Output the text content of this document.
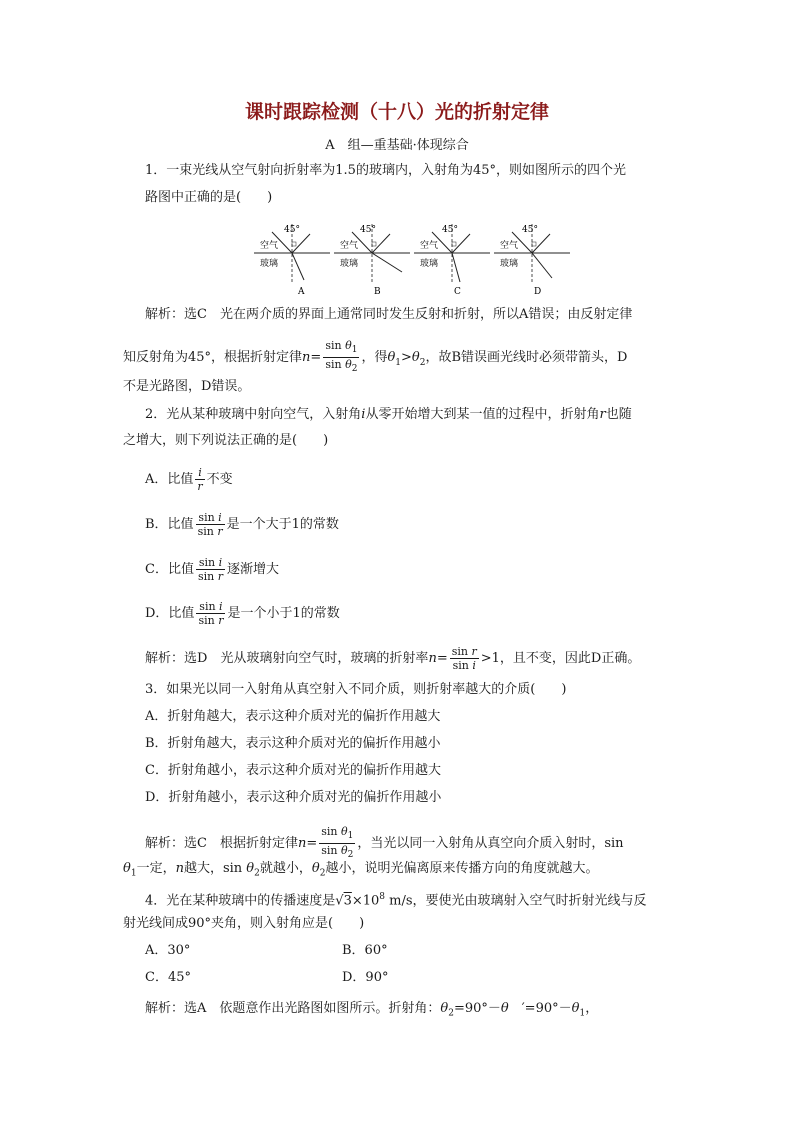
课时跟踪检测（十八）光的折射定律
A　组—重基础·体现综合
1．一束光线从空气射向折射率为1.5的玻璃内，入射角为45°，则如图所示的四个光
路图中正确的是(　　)
45°
空气
玻璃
A
45°
空气
玻璃
B
45°
空气
玻璃
C
45°
空气
玻璃
D
解析：选C　光在两介质的界面上通常同时发生反射和折射，所以A错误；由反射定律
知反射角为45°，根据折射定律$n= \frac{\sin \theta_1}{\sin \theta_2}$ ，得$\theta_1>\theta_2$，故B错误画光线时必须带箭头，D
不是光路图，D错误。
2．光从某种玻璃中射向空气，入射角i从零开始增大到某一值的过程中，折射角r也随
之增大，则下列说法正确的是(　　)
A．比值 $\frac{i}{r}$ 不变
B．比值 $\frac{\text{sin i}}{\text{sin r}}$ 是一个大于1的常数
C．比值 $\frac{\text{sin i}}{\text{sin r}}$ 逐渐增大
D．比值 $\frac{\text{sin i}}{\text{sin r}}$ 是一个小于1的常数
解析：选D　光从玻璃射向空气时，玻璃的折射率$n= \frac{\text{sin r}}{\text{sin i}} >1$，且不变，因此D正确。
3．如果光以同一入射角从真空射入不同介质，则折射率越大的介质(　　)
A．折射角越大，表示这种介质对光的偏折作用越大
B．折射角越大，表示这种介质对光的偏折作用越小
C．折射角越小，表示这种介质对光的偏折作用越大
D．折射角越小，表示这种介质对光的偏折作用越小
解析：选C　根据折射定律$n= \frac{\sin \theta_1}{\sin \theta_2}$ ，当光以同一入射角从真空向介质入射时，sin
$\theta_1$一定，n越大，$\sin \theta_2$就越小，$\theta_2$越小，说明光偏离原来传播方向的角度就越大。
4．光在某种玻璃中的传播速度是$√3\times 10^8$ m/s，要使光由玻璃射入空气时折射光线与反
射光线间成90°夹角，则入射角应是(　　)
A．30°	B．60°
C．45°	D．90°
解析：选A　依题意作出光路图如图所示。折射角：$\theta_2=90^\circ-\theta$　 $'=90^\circ-\theta_1$，
